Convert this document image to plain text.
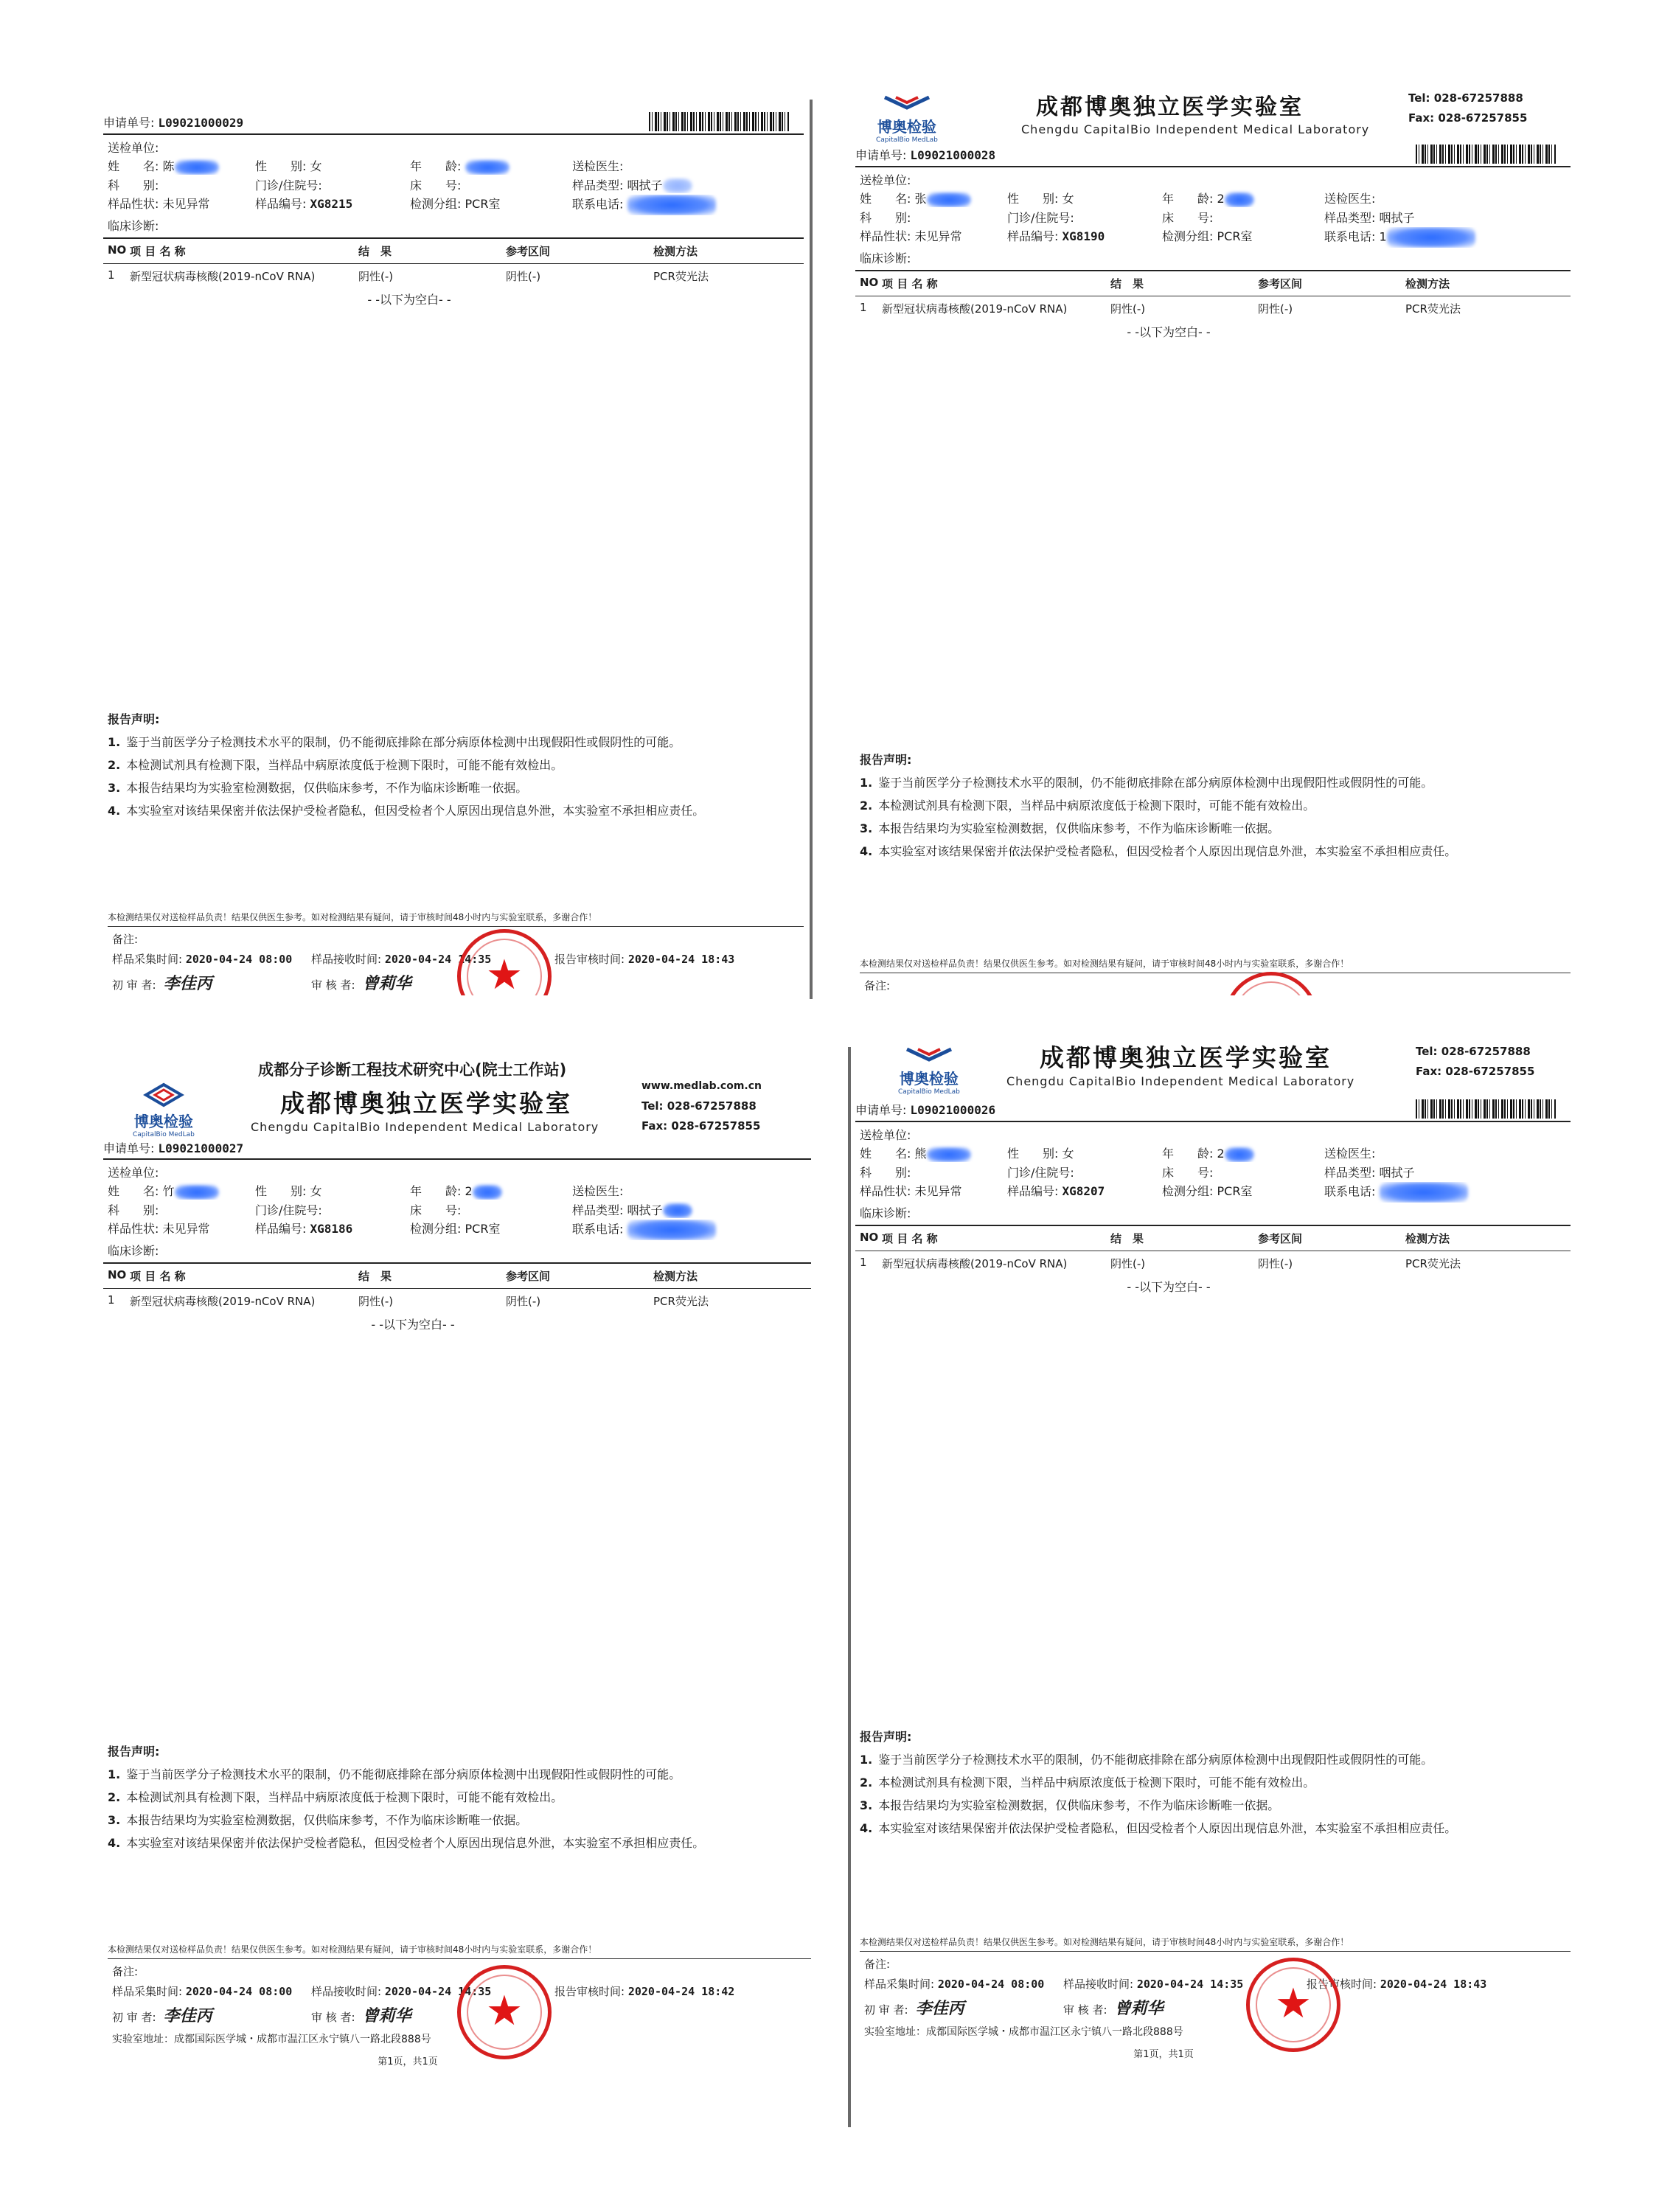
申请单号: L09021000029
送检单位:
姓　　名: 陈	性　　别: 女	年　　龄:	送检医生:
科　　别:	门诊/住院号:	床　　号:	样品类型: 咽拭子
样品性状: 未见异常	样品编号: XG8215	检测分组: PCR室	联系电话:
临床诊断:
NO 项 目 名 称	结　果	参考区间	检测方法
1	新型冠状病毒核酸(2019-nCoV RNA)	阴性(-)	阴性(-)	PCR荧光法
- -以下为空白- -
报告声明:
1. 鉴于当前医学分子检测技术水平的限制，仍不能彻底排除在部分病原体检测中出现假阳性或假阴性的可能。
2. 本检测试剂具有检测下限，当样品中病原浓度低于检测下限时，可能不能有效检出。
3. 本报告结果均为实验室检测数据，仅供临床参考，不作为临床诊断唯一依据。
4. 本实验室对该结果保密并依法保护受检者隐私，但因受检者个人原因出现信息外泄，本实验室不承担相应责任。
本检测结果仅对送检样品负责！结果仅供医生参考。如对检测结果有疑问，请于审核时间48小时内与实验室联系，多谢合作！
备注:
样品采集时间: 2020-04-24 08:00	样品接收时间: 2020-04-24 14:35	报告审核时间: 2020-04-24 18:43
初 审 者: 李佳丙	审 核 者: 曾莉华	★
博奥检验
CapitalBio MedLab
成都博奥独立医学实验室
Chengdu CapitalBio Independent Medical Laboratory
Tel: 028-67257888
Fax: 028-67257855
申请单号: L09021000028
送检单位:
姓　　名: 张	性　　别: 女	年　　龄: 2	送检医生:
科　　别:	门诊/住院号:	床　　号:	样品类型: 咽拭子
样品性状: 未见异常	样品编号: XG8190	检测分组: PCR室	联系电话: 1
临床诊断:
NO 项 目 名 称	结　果	参考区间	检测方法
1	新型冠状病毒核酸(2019-nCoV RNA)	阴性(-)	阴性(-)	PCR荧光法
- -以下为空白- -
报告声明:
1. 鉴于当前医学分子检测技术水平的限制，仍不能彻底排除在部分病原体检测中出现假阳性或假阴性的可能。
2. 本检测试剂具有检测下限，当样品中病原浓度低于检测下限时，可能不能有效检出。
3. 本报告结果均为实验室检测数据，仅供临床参考，不作为临床诊断唯一依据。
4. 本实验室对该结果保密并依法保护受检者隐私，但因受检者个人原因出现信息外泄，本实验室不承担相应责任。
本检测结果仅对送检样品负责！结果仅供医生参考。如对检测结果有疑问，请于审核时间48小时内与实验室联系，多谢合作！
备注:
成都分子诊断工程技术研究中心(院士工作站)
成都博奥独立医学实验室
Chengdu CapitalBio Independent Medical Laboratory
www.medlab.com.cn
Tel: 028-67257888
Fax: 028-67257855
博奥检验
CapitalBio MedLab
申请单号: L09021000027
送检单位:
姓　　名: 竹	性　　别: 女	年　　龄: 2	送检医生:
科　　别:	门诊/住院号:	床　　号:	样品类型: 咽拭子
样品性状: 未见异常	样品编号: XG8186	检测分组: PCR室	联系电话:
临床诊断:
NO 项 目 名 称	结　果	参考区间	检测方法
1	新型冠状病毒核酸(2019-nCoV RNA)	阴性(-)	阴性(-)	PCR荧光法
- -以下为空白- -
报告声明:
1. 鉴于当前医学分子检测技术水平的限制，仍不能彻底排除在部分病原体检测中出现假阳性或假阴性的可能。
2. 本检测试剂具有检测下限，当样品中病原浓度低于检测下限时，可能不能有效检出。
3. 本报告结果均为实验室检测数据，仅供临床参考，不作为临床诊断唯一依据。
4. 本实验室对该结果保密并依法保护受检者隐私，但因受检者个人原因出现信息外泄，本实验室不承担相应责任。
本检测结果仅对送检样品负责！结果仅供医生参考。如对检测结果有疑问，请于审核时间48小时内与实验室联系，多谢合作！
备注:
样品采集时间: 2020-04-24 08:00	样品接收时间: 2020-04-24 14:35	报告审核时间: 2020-04-24 18:42
初 审 者: 李佳丙	审 核 者: 曾莉华
实验室地址：成都国际医学城・成都市温江区永宁镇八一路北段888号
第1页，共1页
★
博奥检验
CapitalBio MedLab
成都博奥独立医学实验室
Chengdu CapitalBio Independent Medical Laboratory
Tel: 028-67257888
Fax: 028-67257855
申请单号: L09021000026
送检单位:
姓　　名: 熊	性　　别: 女	年　　龄: 2	送检医生:
科　　别:	门诊/住院号:	床　　号:	样品类型: 咽拭子
样品性状: 未见异常	样品编号: XG8207	检测分组: PCR室	联系电话:
临床诊断:
NO 项 目 名 称	结　果	参考区间	检测方法
1	新型冠状病毒核酸(2019-nCoV RNA)	阴性(-)	阴性(-)	PCR荧光法
- -以下为空白- -
报告声明:
1. 鉴于当前医学分子检测技术水平的限制，仍不能彻底排除在部分病原体检测中出现假阳性或假阴性的可能。
2. 本检测试剂具有检测下限，当样品中病原浓度低于检测下限时，可能不能有效检出。
3. 本报告结果均为实验室检测数据，仅供临床参考，不作为临床诊断唯一依据。
4. 本实验室对该结果保密并依法保护受检者隐私，但因受检者个人原因出现信息外泄，本实验室不承担相应责任。
本检测结果仅对送检样品负责！结果仅供医生参考。如对检测结果有疑问，请于审核时间48小时内与实验室联系，多谢合作！
备注:
样品采集时间: 2020-04-24 08:00	样品接收时间: 2020-04-24 14:35	报告审核时间: 2020-04-24 18:43
初 审 者: 李佳丙	审 核 者: 曾莉华
实验室地址：成都国际医学城・成都市温江区永宁镇八一路北段888号
第1页，共1页
★
